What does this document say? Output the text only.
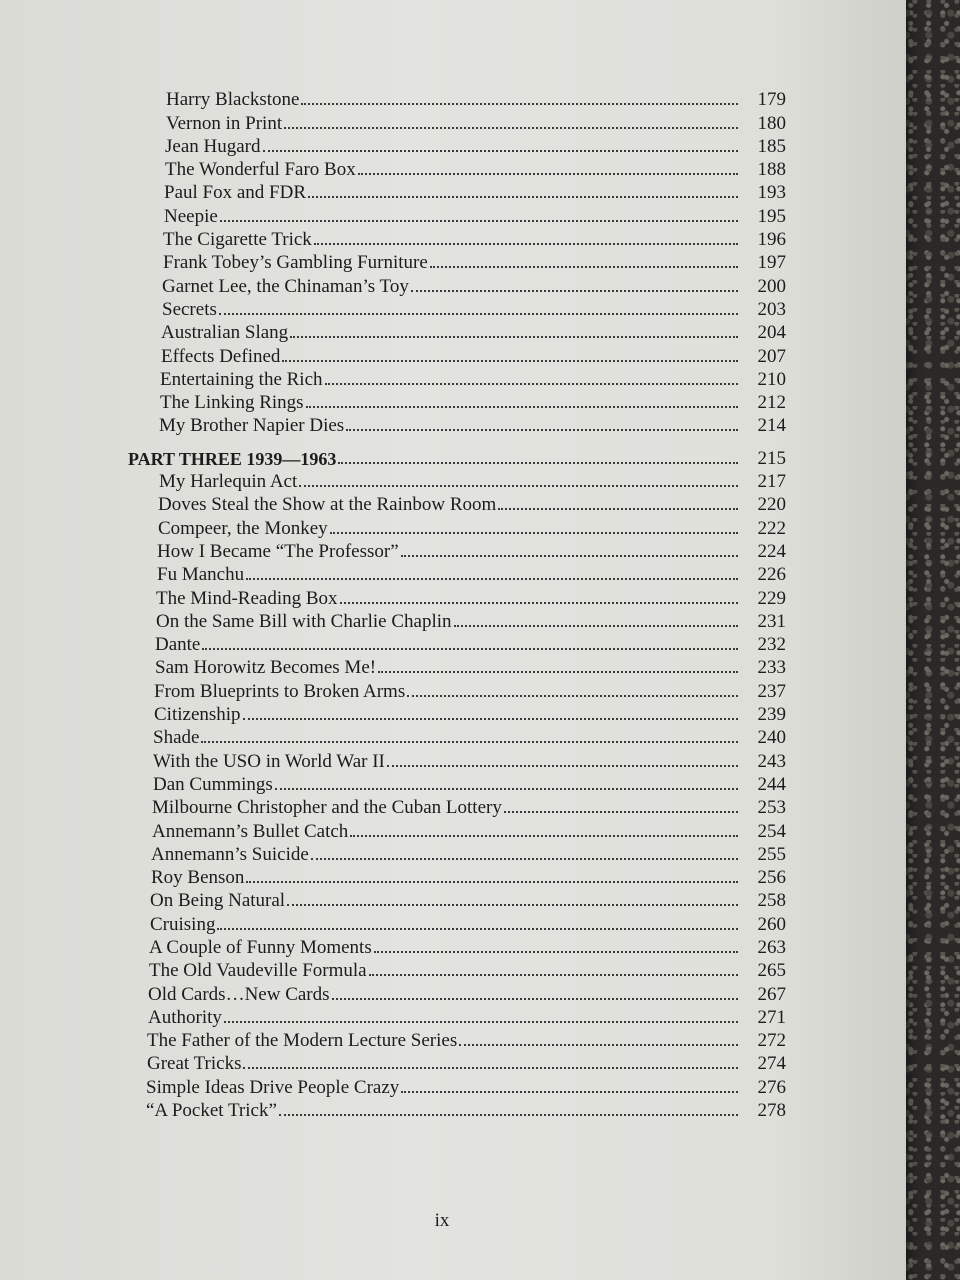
Harry Blackstone	179
Vernon in Print	180
Jean Hugard	185
The Wonderful Faro Box	188
Paul Fox and FDR	193
Neepie	195
The Cigarette Trick	196
Frank Tobey’s Gambling Furniture	197
Garnet Lee, the Chinaman’s Toy	200
Secrets	203
Australian Slang	204
Effects Defined	207
Entertaining the Rich	210
The Linking Rings	212
My Brother Napier Dies	214
PART THREE 1939—1963	215
My Harlequin Act	217
Doves Steal the Show at the Rainbow Room	220
Compeer, the Monkey	222
How I Became “The Professor”	224
Fu Manchu	226
The Mind-Reading Box	229
On the Same Bill with Charlie Chaplin	231
Dante	232
Sam Horowitz Becomes Me!	233
From Blueprints to Broken Arms	237
Citizenship	239
Shade	240
With the USO in World War II	243
Dan Cummings	244
Milbourne Christopher and the Cuban Lottery	253
Annemann’s Bullet Catch	254
Annemann’s Suicide	255
Roy Benson	256
On Being Natural	258
Cruising	260
A Couple of Funny Moments	263
The Old Vaudeville Formula	265
Old Cards…New Cards	267
Authority	271
The Father of the Modern Lecture Series	272
Great Tricks	274
Simple Ideas Drive People Crazy	276
“A Pocket Trick”	278
ix
